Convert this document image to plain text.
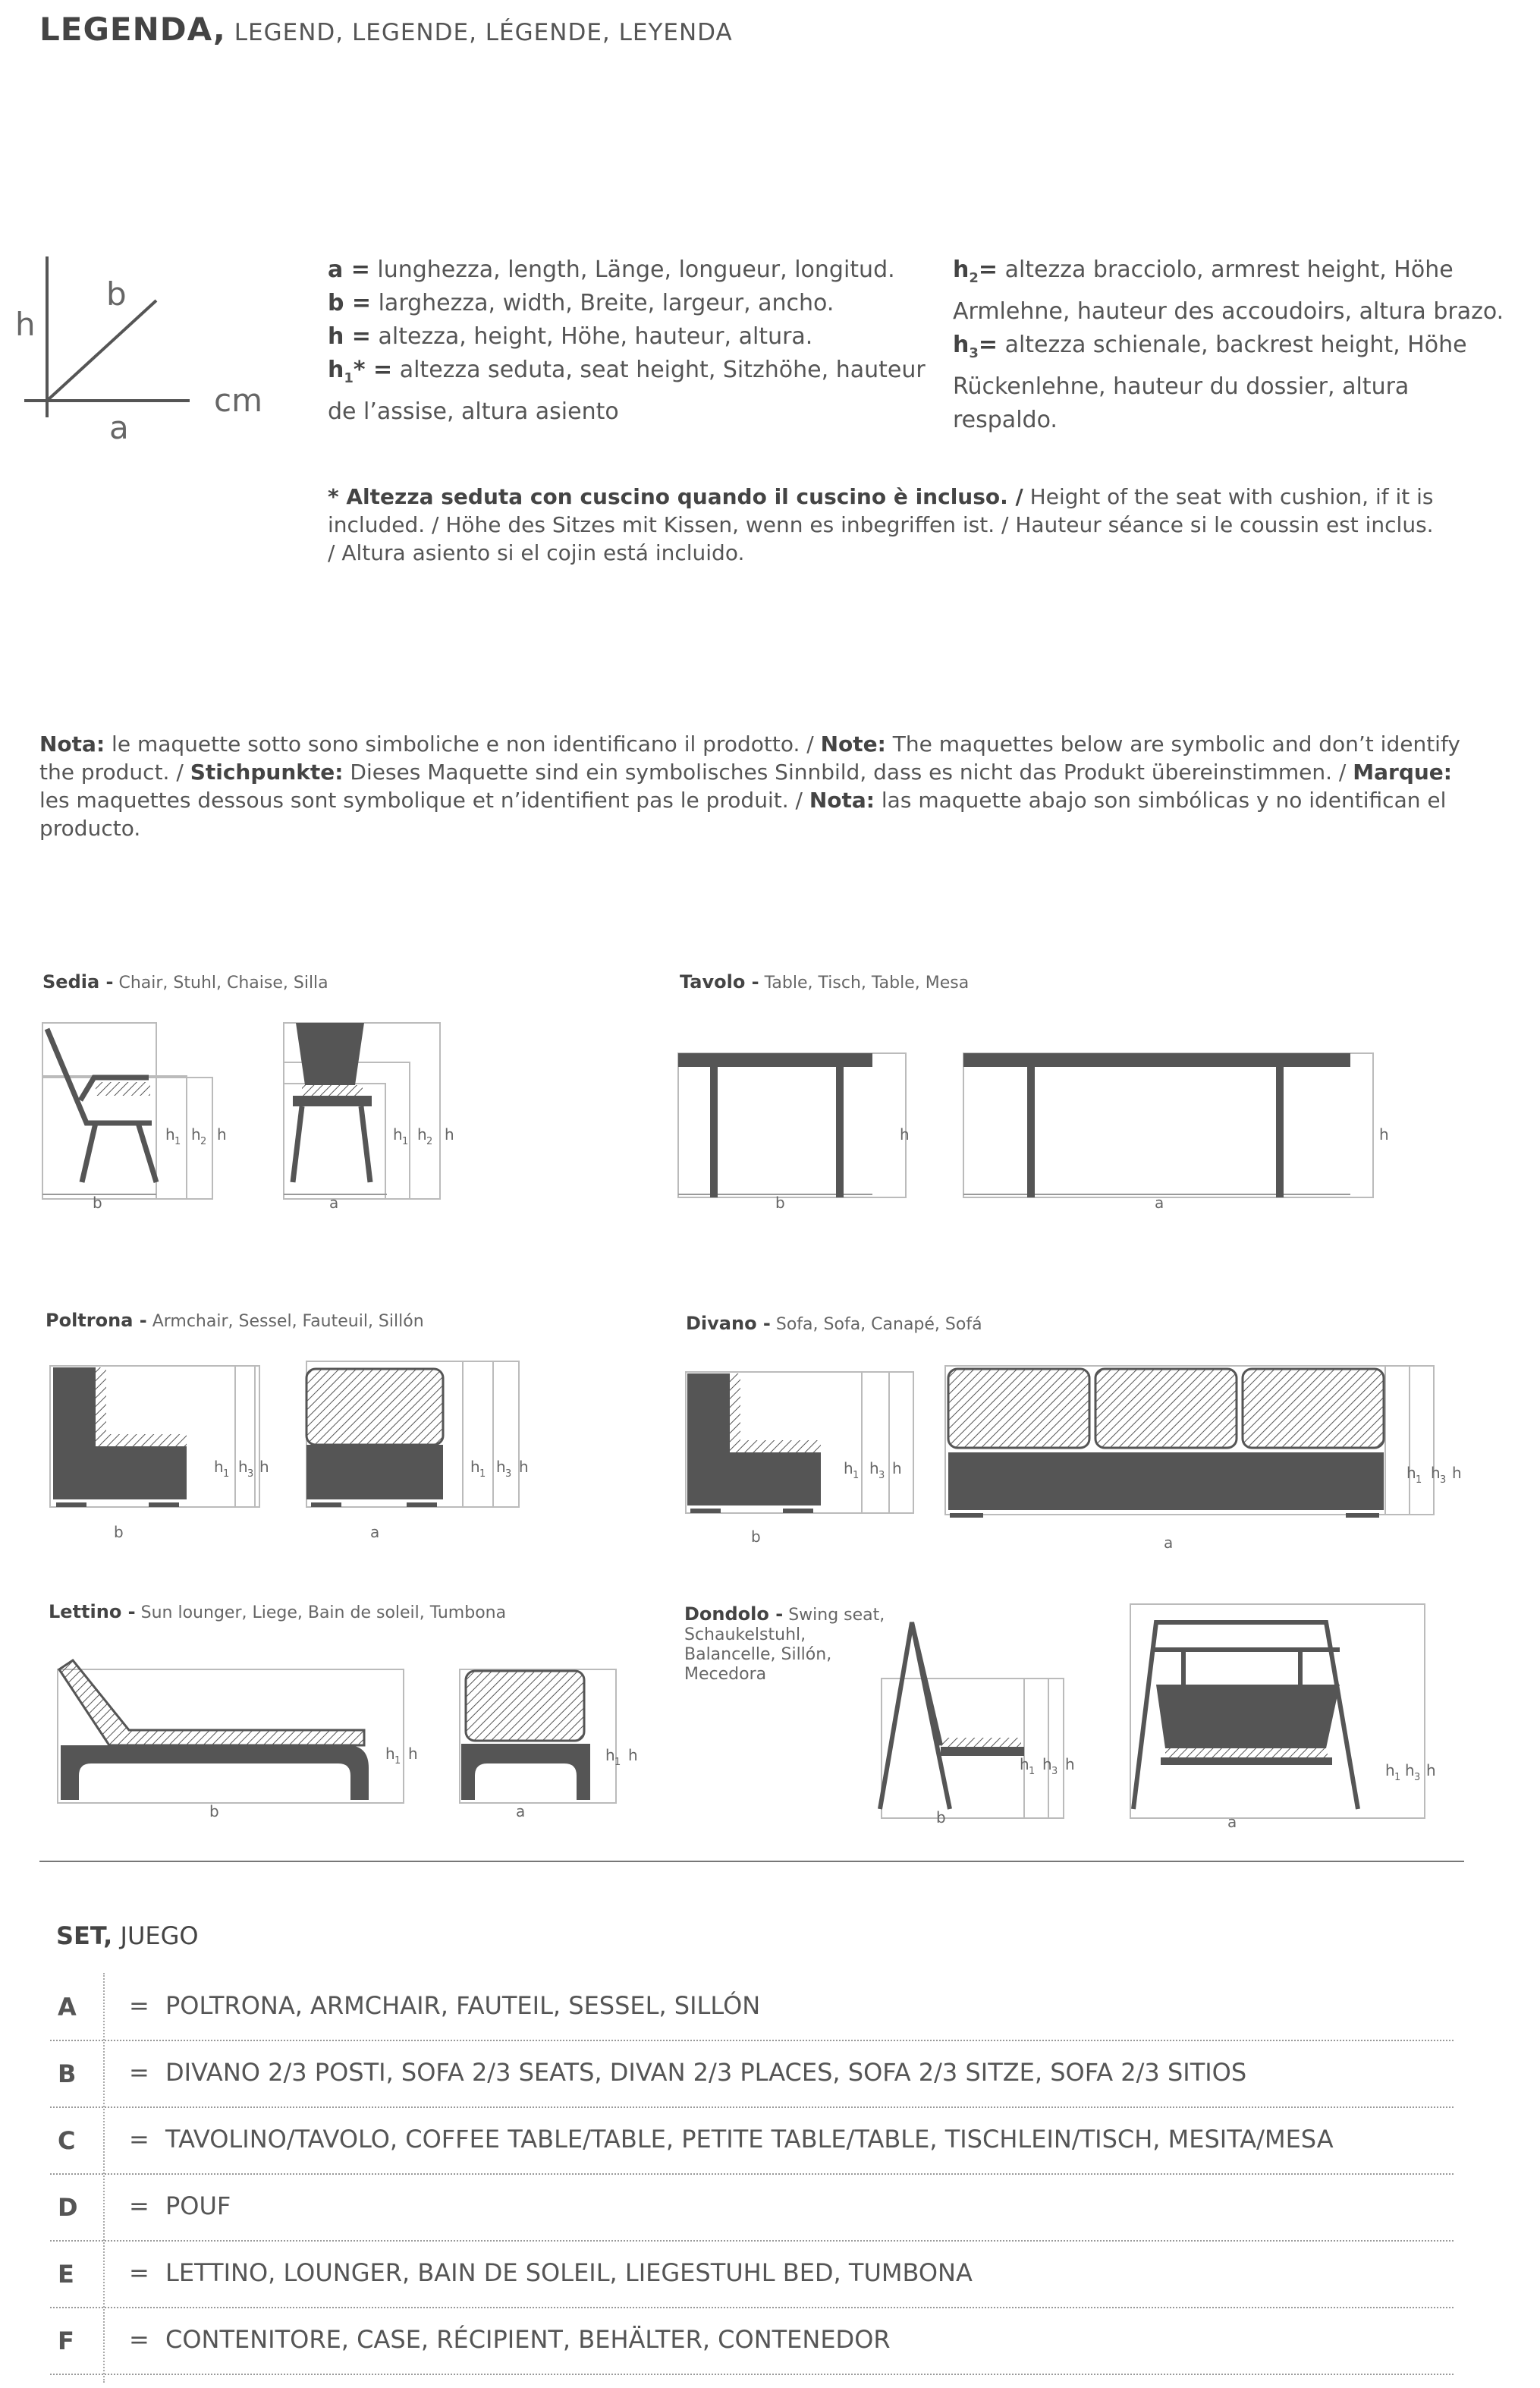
LEGENDA, LEGEND, LEGENDE, LÉGENDE, LEYENDA
h
b
a
cm
a = lunghezza, length, Länge, longueur, longitud.
b = larghezza, width, Breite, largeur, ancho.
h = altezza, height, Höhe, hauteur, altura.
$h_1*$ = altezza seduta, seat height, Sitzhöhe, hauteur de l’assise, altura asiento
$h_2=$ altezza bracciolo, armrest height, Höhe Armlehne, hauteur des accoudoirs, altura brazo.
$h_3=$ altezza schienale, backrest height, Höhe Rückenlehne, hauteur du dossier, altura respaldo.
* Altezza seduta con cuscino quando il cuscino è incluso. / Height of the seat with cushion, if it is included. / Höhe des Sitzes mit Kissen, wenn es inbegriffen ist. / Hauteur séance si le coussin est inclus. / Altura asiento si el cojin está incluido.
Nota: le maquette sotto sono simboliche e non identificano il prodotto. / Note: The maquettes below are symbolic and don’t identify the product. / Stichpunkte: Dieses Maquette sind ein symbolisches Sinnbild, dass es nicht das Produkt übereinstimmen. / Marque: les maquettes dessous sont symbolique et n’identifient pas le produit. / Nota: las maquette abajo son simbólicas y no identifican el producto.
Sedia - Chair, Stuhl, Chaise, Silla	Tavolo - Table, Tisch, Table, Mesa
Poltrona - Armchair, Sessel, Fauteuil, Sillón	Divano - Sofa, Sofa, Canapé, Sofá
Lettino - Sun lounger, Liege, Bain de soleil, Tumbona	Dondolo - Swing seat, Schaukelstuhl, Balancelle, Sillón, Mecedora
b	a	b	a
b	a	b	a
b	a	b	a
h 1 h 2 h	h 1 h 2 h	h	h
h 1 h 3 h	h 1 h 3 h	h 1 h 3 h	h 1 h 3 h
h 1 h	h 1 h	h 1 h 3 h	h 1 h 3 h
SET, JUEGO
A = POLTRONA, ARMCHAIR, FAUTEIL, SESSEL, SILLÓN
B = DIVANO 2/3 POSTI, SOFA 2/3 SEATS, DIVAN 2/3 PLACES, SOFA 2/3 SITZE, SOFA 2/3 SITIOS
C = TAVOLINO/TAVOLO, COFFEE TABLE/TABLE, PETITE TABLE/TABLE, TISCHLEIN/TISCH, MESITA/MESA
D = POUF
E = LETTINO, LOUNGER, BAIN DE SOLEIL, LIEGESTUHL BED, TUMBONA
F = CONTENITORE, CASE, RÉCIPIENT, BEHÄLTER, CONTENEDOR
